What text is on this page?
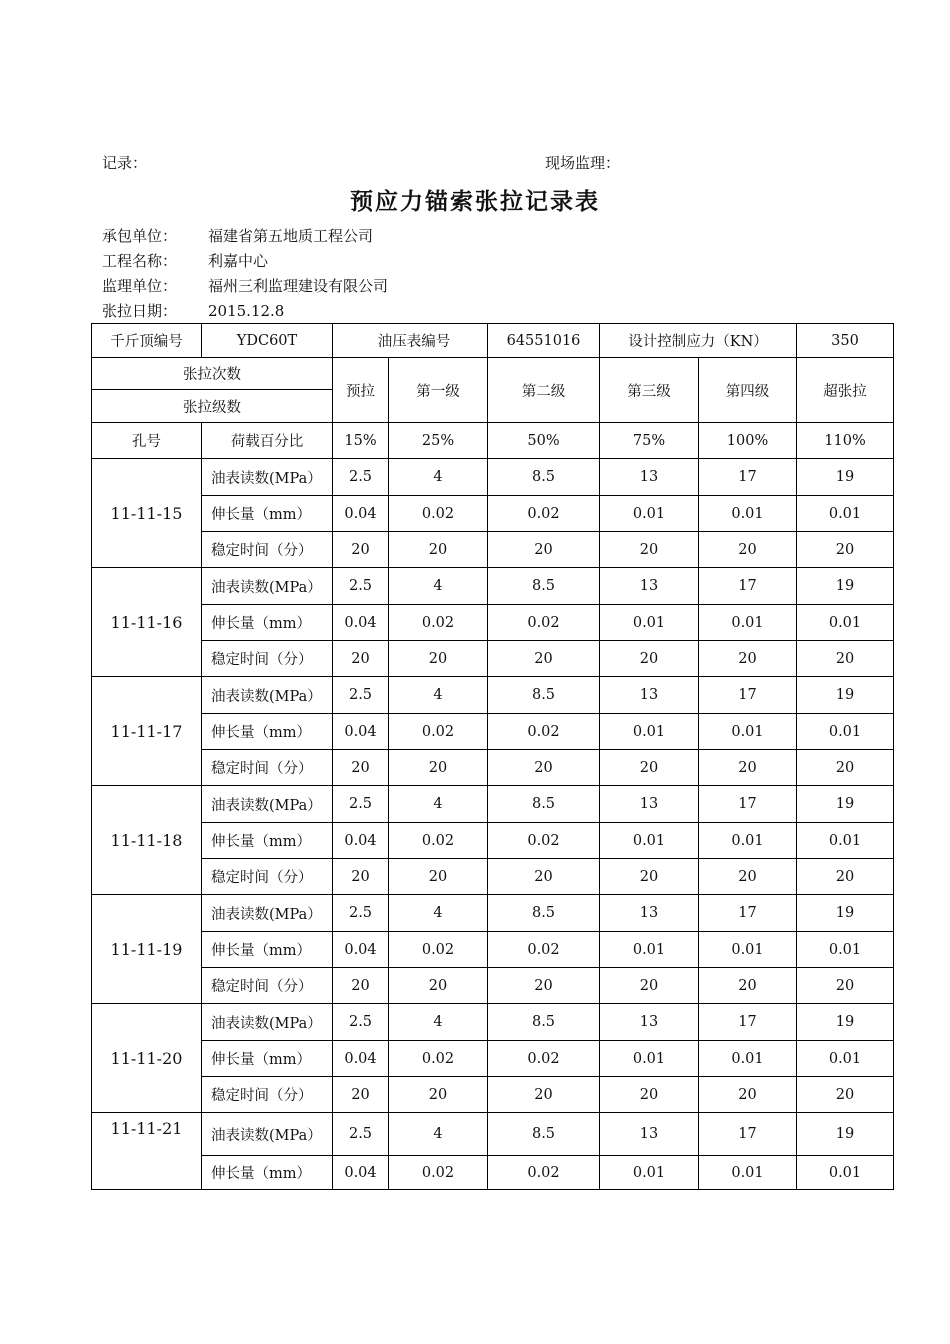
记录：	现场监理：
预应力锚索张拉记录表
承包单位： 福建省第五地质工程公司
工程名称： 利嘉中心
监理单位： 福州三利监理建设有限公司
张拉日期： 2015.12.8
千斤顶编号	YDC60T	油压表编号		64551016	设计控制应力（KN）		350
张拉次数		预拉	第一级	第二级	第三级	第四级	超张拉
张拉级数							
孔号	荷载百分比	15%	25%	50%	75%	100%	110%
11-11-15	油表读数(MPa）	2.5	4	8.5	13	17	19
	伸长量（mm）	0.04	0.02	0.02	0.01	0.01	0.01
	稳定时间（分）	20	20	20	20	20	20
11-11-16	油表读数(MPa）	2.5	4	8.5	13	17	19
	伸长量（mm）	0.04	0.02	0.02	0.01	0.01	0.01
	稳定时间（分）	20	20	20	20	20	20
11-11-17	油表读数(MPa）	2.5	4	8.5	13	17	19
	伸长量（mm）	0.04	0.02	0.02	0.01	0.01	0.01
	稳定时间（分）	20	20	20	20	20	20
11-11-18	油表读数(MPa）	2.5	4	8.5	13	17	19
	伸长量（mm）	0.04	0.02	0.02	0.01	0.01	0.01
	稳定时间（分）	20	20	20	20	20	20
11-11-19	油表读数(MPa）	2.5	4	8.5	13	17	19
	伸长量（mm）	0.04	0.02	0.02	0.01	0.01	0.01
	稳定时间（分）	20	20	20	20	20	20
11-11-20	油表读数(MPa）	2.5	4	8.5	13	17	19
	伸长量（mm）	0.04	0.02	0.02	0.01	0.01	0.01
	稳定时间（分）	20	20	20	20	20	20
11-11-21	油表读数(MPa）	2.5	4	8.5	13	17	19
	伸长量（mm）	0.04	0.02	0.02	0.01	0.01	0.01
